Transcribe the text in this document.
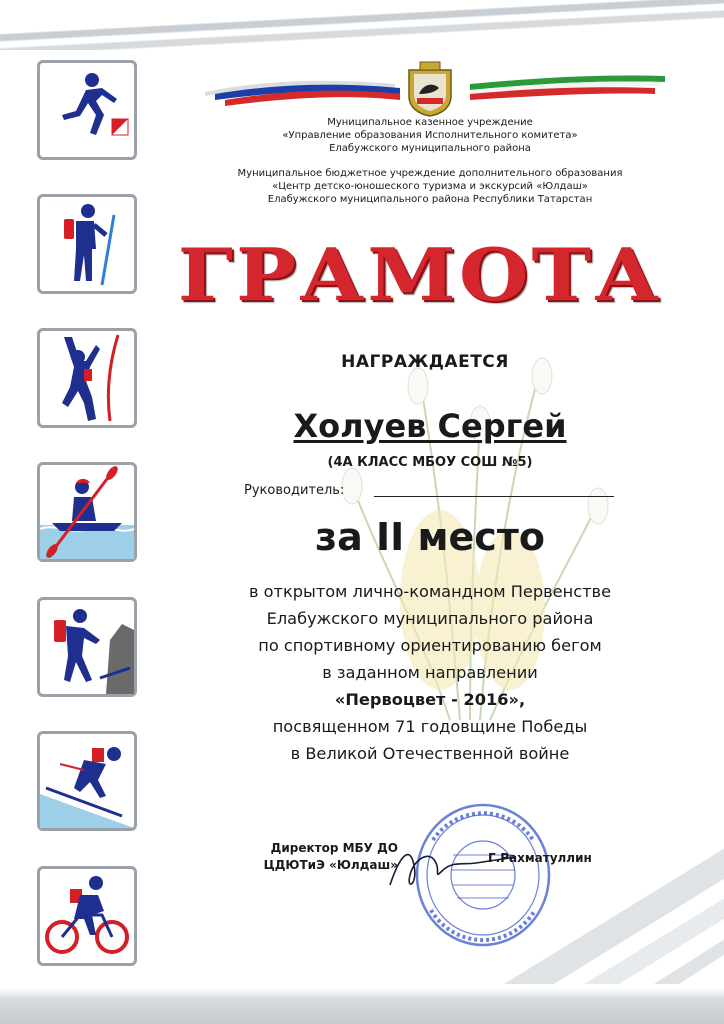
Муниципальное казенное учреждение
«Управление образования Исполнительного комитета»
Елабужского муниципального района

Муниципальное бюджетное учреждение дополнительного образования
«Центр детско-юношеского туризма и экскурсий «Юлдаш»
Елабужского муниципального района Республики Татарстан

ГРАМОТА

НАГРАЖДАЕТСЯ

Холуев Сергей

(4А КЛАСС МБОУ СОШ №5)

Руководитель:

за II место

в открытом лично-командном Первенстве
Елабужского муниципального района
по спортивному ориентированию бегом
в заданном направлении
«Первоцвет - 2016»,
посвященном 71 годовщине Победы
в Великой Отечественной войне

Директор МБУ ДО
ЦДЮТиЭ «Юлдаш»	Г.Рахматуллин
